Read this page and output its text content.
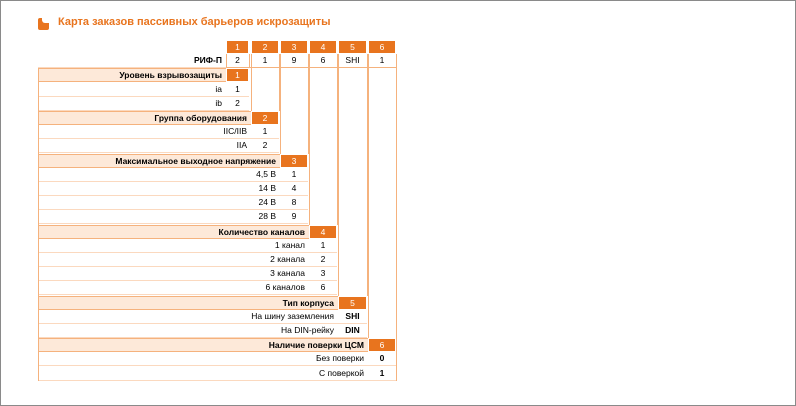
Карта заказов пассивных барьеров искрозащиты
1	2	3	4	5	6
РИФ-П	2	1	9	6	SHI	1
Уровень взрывозащиты	1
ia	1
ib	2
Группа оборудования	2
IIC/IIB	1
IIA	2
Максимальное выходное напряжение	3
4,5 В	1
14 В	4
24 В	8
28 В	9
Количество каналов	4
1 канал	1
2 канала	2
3 канала	3
6 каналов	6
Тип корпуса	5
На шину заземления	SHI
На DIN-рейку	DIN
Наличие поверки ЦСМ	6
Без поверки	0
С поверкой	1
